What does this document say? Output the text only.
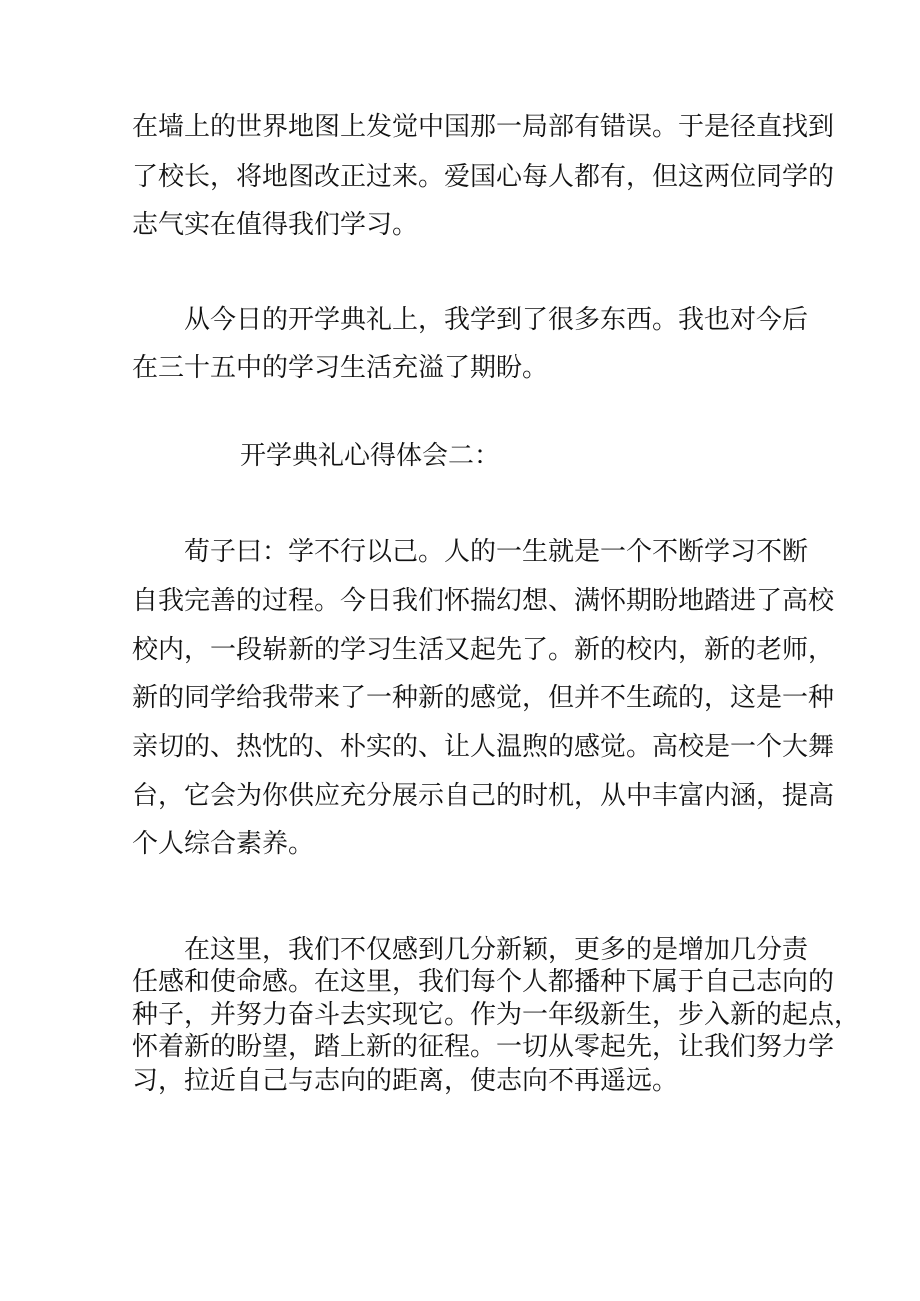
在墙上的世界地图上发觉中国那一局部有错误。于是径直找到

了校长，将地图改正过来。爱国心每人都有，但这两位同学的

志气实在值得我们学习。

从今日的开学典礼上，我学到了很多东西。我也对今后

在三十五中的学习生活充溢了期盼。

开学典礼心得体会二：

荀子曰：学不行以己。人的一生就是一个不断学习不断

自我完善的过程。今日我们怀揣幻想、满怀期盼地踏进了高校

校内，一段崭新的学习生活又起先了。新的校内，新的老师，

新的同学给我带来了一种新的感觉，但并不生疏的，这是一种

亲切的、热忱的、朴实的、让人温煦的感觉。高校是一个大舞

台，它会为你供应充分展示自己的时机，从中丰富内涵，提高

个人综合素养。

在这里，我们不仅感到几分新颖，更多的是增加几分责

任感和使命感。在这里，我们每个人都播种下属于自己志向的

种子，并努力奋斗去实现它。作为一年级新生，步入新的起点，

怀着新的盼望，踏上新的征程。一切从零起先，让我们努力学

习，拉近自己与志向的距离，使志向不再遥远。
